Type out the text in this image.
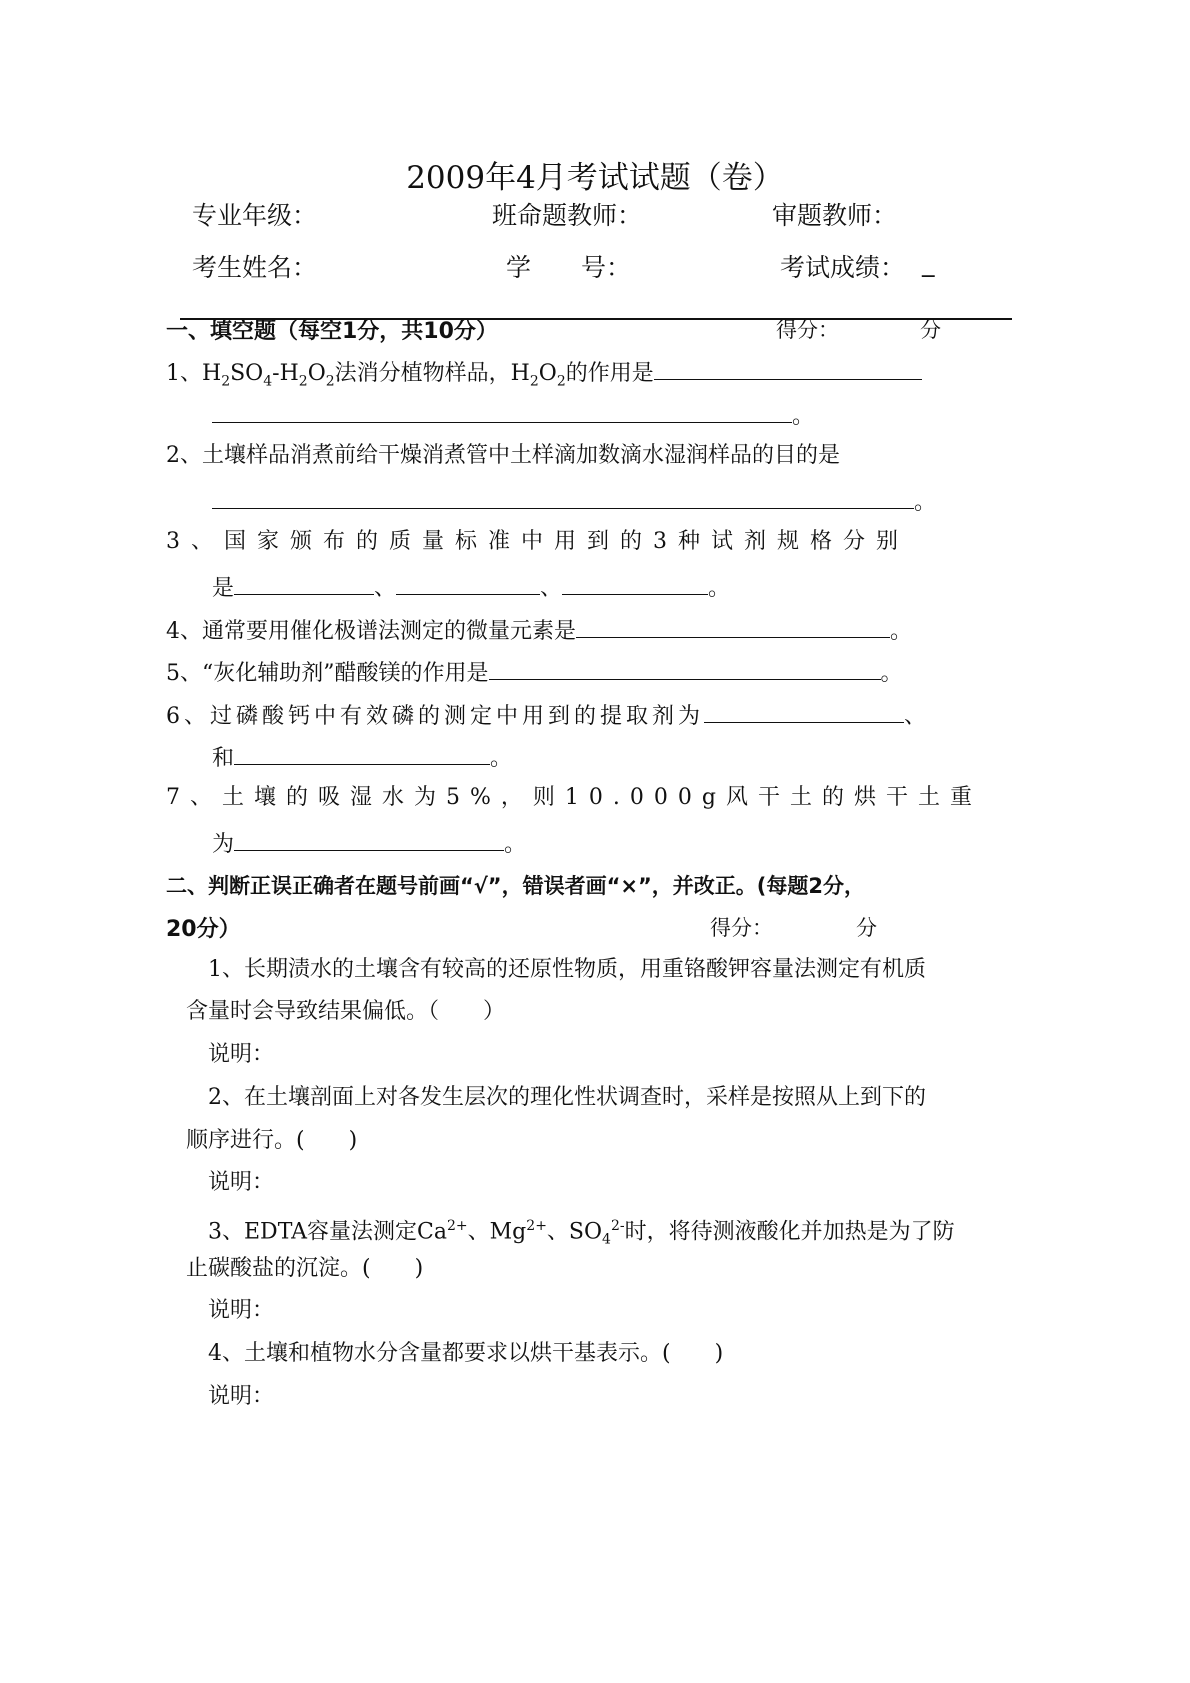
2009年4月考试试题（卷）
专业年级：	班命题教师：	审题教师：
考生姓名：	学　　号：	考试成绩： _
一、填空题（每空1分，共10分）	得分：	分
1、$H_2SO_4-H_2O_2$法消分植物样品，$H_2O_2$的作用是
。
2、土壤样品消煮前给干燥消煮管中土样滴加数滴水湿润样品的目的是
。
3、国家颁布的质量标准中用到的3种试剂规格分别
是	、	、	。
4、通常要用催化极谱法测定的微量元素是	。
5、“灰化辅助剂”醋酸镁的作用是	。
6、过磷酸钙中有效磷的测定中用到的提取剂为	、
和	。
7、土壤的吸湿水为5%，则10.000g风干土的烘干土重
为	。
二、判断正误正确者在题号前画“√”，错误者画“×”，并改正。(每题2分，
20分）	得分：	分
1、长期渍水的土壤含有较高的还原性物质，用重铬酸钾容量法测定有机质
含量时会导致结果偏低。（　　）
说明：
2、在土壤剖面上对各发生层次的理化性状调查时，采样是按照从上到下的
顺序进行。(　　)
说明：
3、EDTA容量法测定$Ca^{2+}$、$Mg^{2+}$、$SO_4^{2-}$时，将待测液酸化并加热是为了防
止碳酸盐的沉淀。(　　)
说明：
4、土壤和植物水分含量都要求以烘干基表示。(　　)
说明：
